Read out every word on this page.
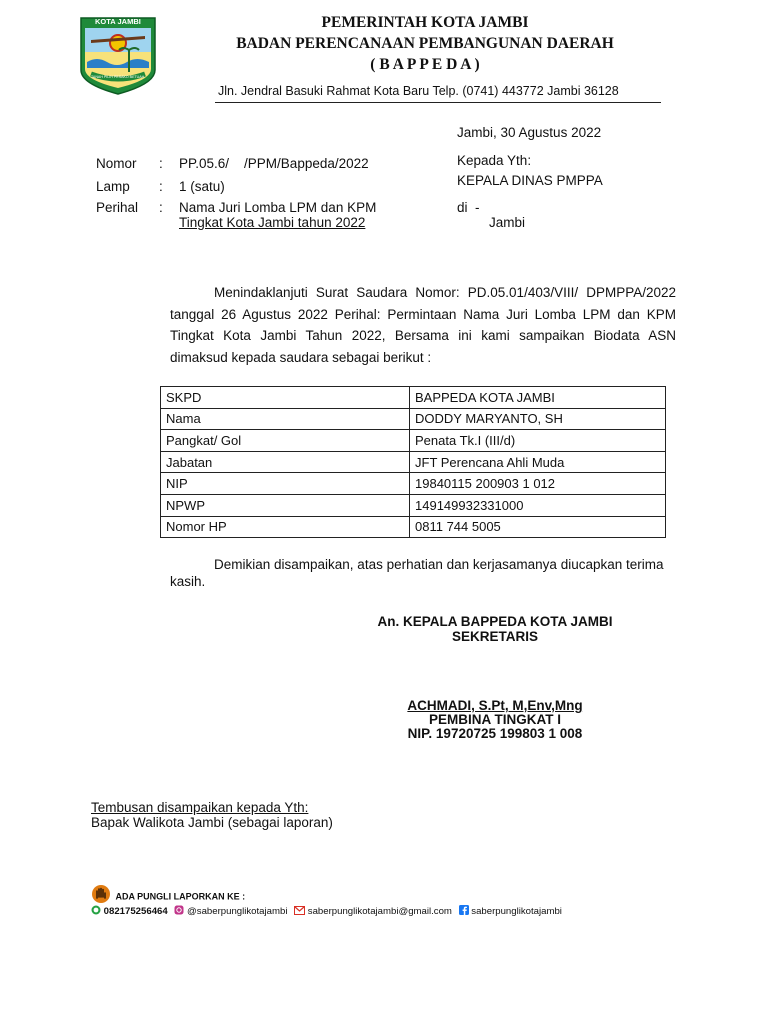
KOTA JAMBI
TANAH PILIH PESAKO BETUAH
PEMERINTAH KOTA JAMBI
BADAN PERENCANAAN PEMBANGUNAN DAERAH
( B A P P E D A )
Jln. Jendral Basuki Rahmat Kota Baru Telp. (0741) 443772 Jambi 36128
Jambi, 30 Agustus 2022
Nomor : PP.05.6/    /PPM/Bappeda/2022
Lamp : 1 (satu)
Perihal : Nama Juri Lomba LPM dan KPM
Tingkat Kota Jambi tahun 2022
Kepada Yth:
KEPALA DINAS PMPPA
di  -
Jambi

Menindaklanjuti Surat Saudara Nomor: PD.05.01/403/VIII/ DPMPPA/2022 tanggal 26 Agustus 2022 Perihal: Permintaan Nama Juri Lomba LPM dan KPM Tingkat Kota Jambi Tahun 2022, Bersama ini kami sampaikan Biodata ASN dimaksud kepada saudara sebagai berikut :

SKPD	BAPPEDA KOTA JAMBI
Nama	DODDY MARYANTO, SH
Pangkat/ Gol	Penata Tk.I (III/d)
Jabatan	JFT Perencana Ahli Muda
NIP	19840115 200903 1 012
NPWP	149149932331000
Nomor HP	0811 744 5005

Demikian disampaikan, atas perhatian dan kerjasamanya diucapkan terima kasih.

An. KEPALA BAPPEDA KOTA JAMBI
SEKRETARIS
ACHMADI, S.Pt, M,Env,Mng
PEMBINA TINGKAT I
NIP. 19720725 199803 1 008
Tembusan disampaikan kepada Yth:
Bapak Walikota Jambi (sebagai laporan)
ADA PUNGLI LAPORKAN KE :
082175256464 @saberpunglikotajambi saberpunglikotajambi@gmail.com saberpunglikotajambi
